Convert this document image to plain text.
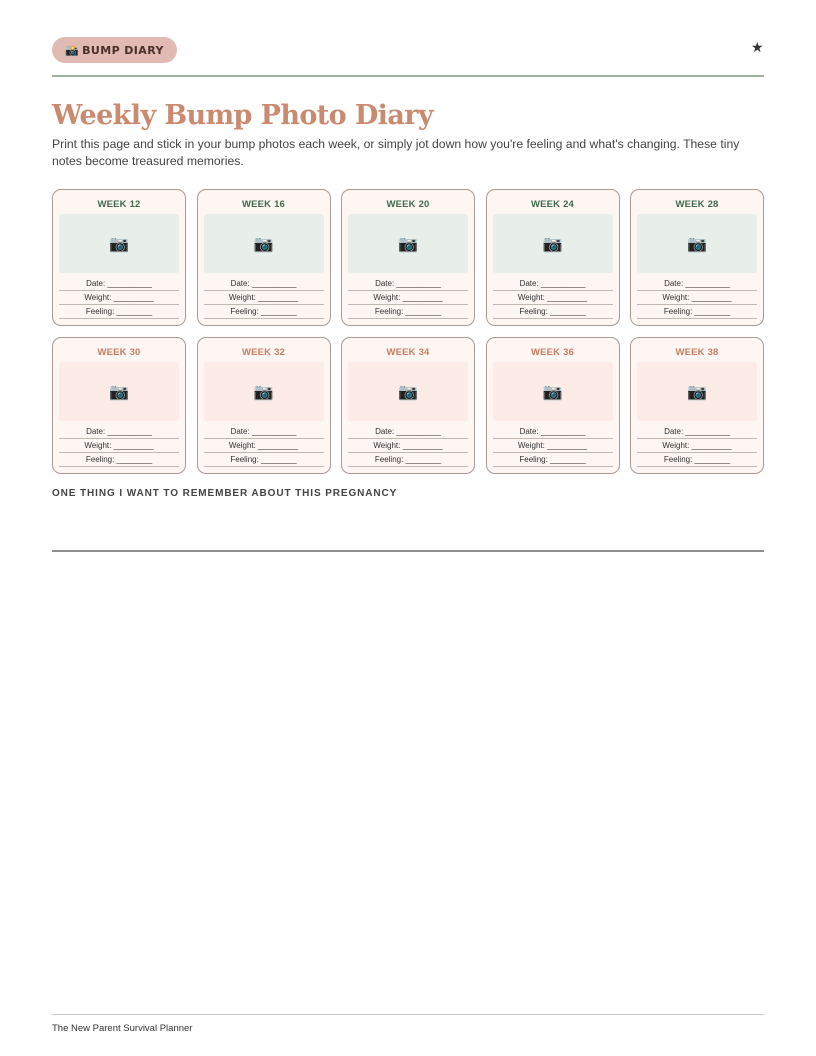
📸 BUMP DIARY	★
Weekly Bump Photo Diary

Print this page and stick in your bump photos each week, or simply jot down how you're feeling and what's changing. These tiny notes become treasured memories.

WEEK 12
📷
Date: __________
Weight: _________
Feeling: ________
WEEK 16
📷
Date: __________
Weight: _________
Feeling: ________
WEEK 20
📷
Date: __________
Weight: _________
Feeling: ________
WEEK 24
📷
Date: __________
Weight: _________
Feeling: ________
WEEK 28
📷
Date: __________
Weight: _________
Feeling: ________
WEEK 30
📷
Date: __________
Weight: _________
Feeling: ________
WEEK 32
📷
Date: __________
Weight: _________
Feeling: ________
WEEK 34
📷
Date: __________
Weight: _________
Feeling: ________
WEEK 36
📷
Date: __________
Weight: _________
Feeling: ________
WEEK 38
📷
Date: __________
Weight: _________
Feeling: ________
ONE THING I WANT TO REMEMBER ABOUT THIS PREGNANCY
The New Parent Survival Planner
